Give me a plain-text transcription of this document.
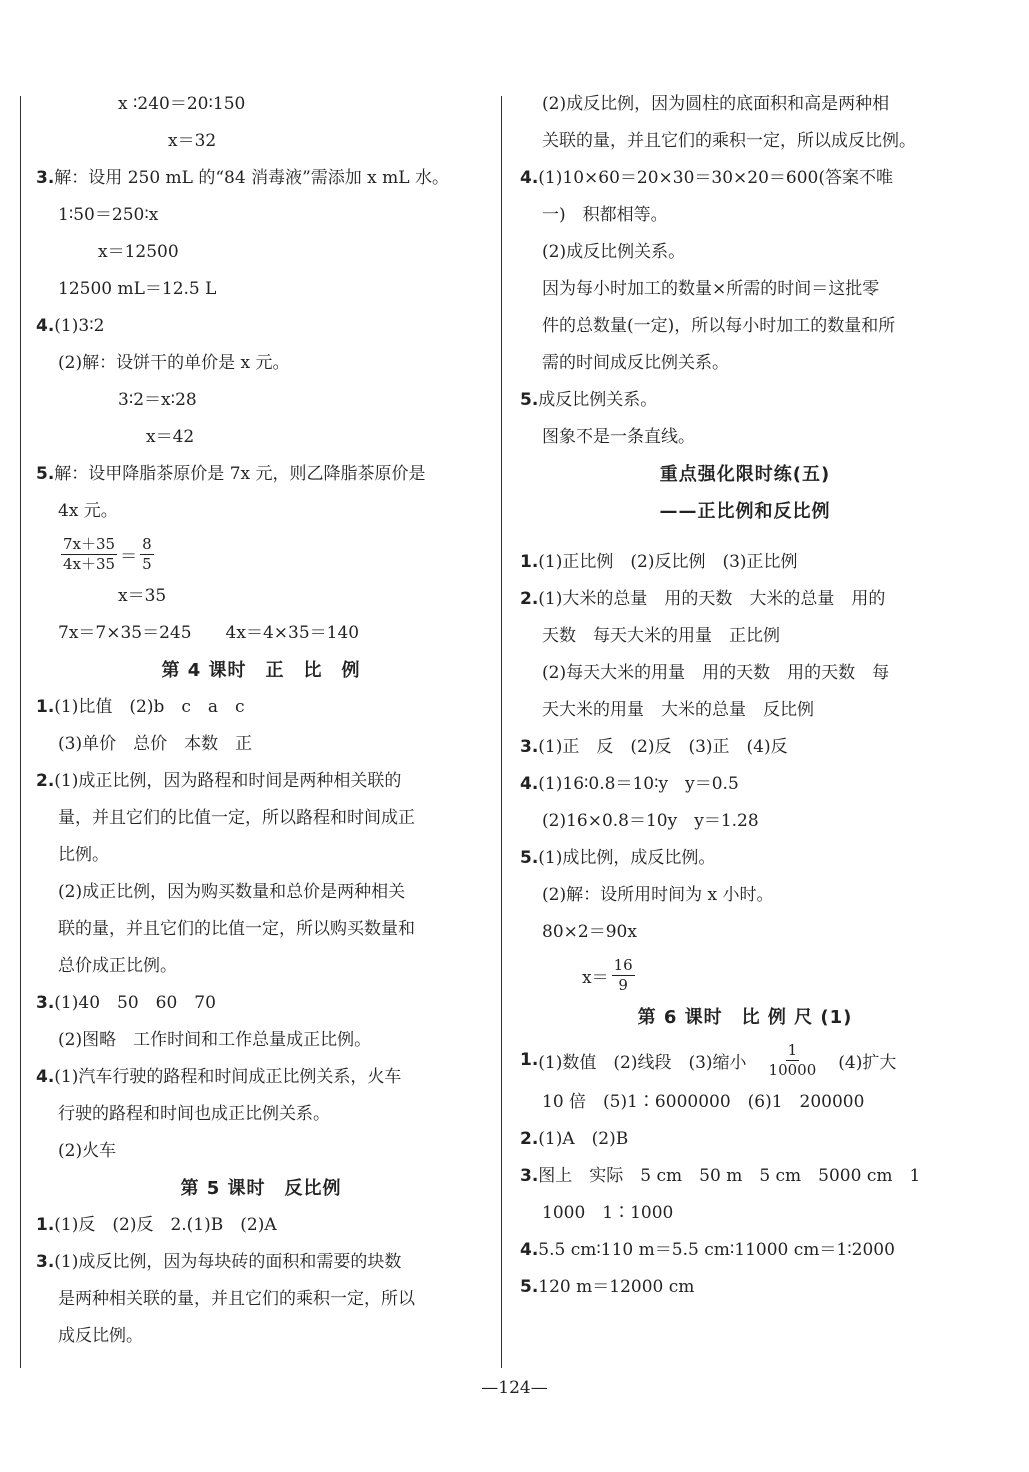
x ∶240＝20∶150
x＝32
3.解：设用 250 mL 的“84 消毒液”需添加 x mL 水。
1∶50＝250∶x
x＝12500
12500 mL＝12.5 L
4.(1)3∶2
(2)解：设饼干的单价是 x 元。
3∶2＝x∶28
x＝42
5.解：设甲降脂茶原价是 7x 元，则乙降脂茶原价是
4x 元。
$\frac{7x+35}{4x+35} = \frac{8}{5}$
x＝35
7x＝7×35＝245　　4x＝4×35＝140
第 4 课时　正　比　例
1.(1)比值　(2)b　c　a　c
(3)单价　总价　本数　正
2.(1)成正比例，因为路程和时间是两种相关联的
量，并且它们的比值一定，所以路程和时间成正
比例。
(2)成正比例，因为购买数量和总价是两种相关
联的量，并且它们的比值一定，所以购买数量和
总价成正比例。
3.(1)40　50　60　70
(2)图略　工作时间和工作总量成正比例。
4.(1)汽车行驶的路程和时间成正比例关系，火车
行驶的路程和时间也成正比例关系。
(2)火车
第 5 课时　反比例
1.(1)反　(2)反　2.(1)B　(2)A
3.(1)成反比例，因为每块砖的面积和需要的块数
是两种相关联的量，并且它们的乘积一定，所以
成反比例。
(2)成反比例，因为圆柱的底面积和高是两种相
关联的量，并且它们的乘积一定，所以成反比例。
4.(1)10×60＝20×30＝30×20＝600(答案不唯
一)　积都相等。
(2)成反比例关系。
因为每小时加工的数量×所需的时间＝这批零
件的总数量(一定)，所以每小时加工的数量和所
需的时间成反比例关系。
5.成反比例关系。
图象不是一条直线。
重点强化限时练(五)
——正比例和反比例
1.(1)正比例　(2)反比例　(3)正比例
2.(1)大米的总量　用的天数　大米的总量　用的
天数　每天大米的用量　正比例
(2)每天大米的用量　用的天数　用的天数　每
天大米的用量　大米的总量　反比例
3.(1)正　反　(2)反　(3)正　(4)反
4.(1)16∶0.8＝10∶y　y＝0.5
(2)16×0.8＝10y　y＝1.28
5.(1)成比例，成反比例。
(2)解：设所用时间为 x 小时。
80×2＝90x
$x= \frac{16}{9}$
第 6 课时　比 例 尺 (1)
1. (1)数值　(2)线段　(3)缩小
　 $\frac{1}{10000}$ 　(4)扩大
10 倍　(5)1∶6000000　(6)1　200000
2.(1)A　(2)B
3.图上　实际　5 cm　50 m　5 cm　5000 cm　1
1000　1∶1000
4.5.5 cm∶110 m＝5.5 cm∶11000 cm＝1∶2000
5.120 m＝12000 cm
—124—
